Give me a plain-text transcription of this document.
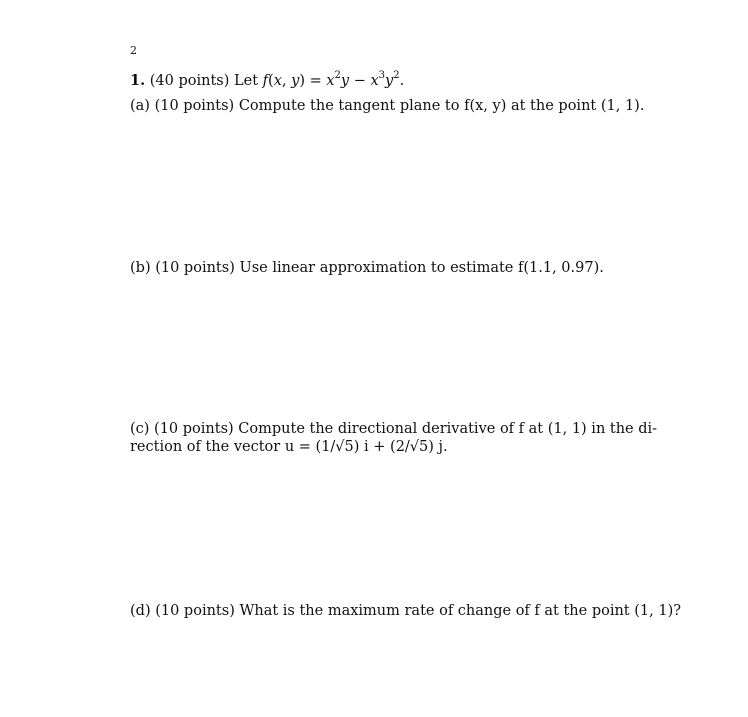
2
1. (40 points) Let f(x, $y) = x^2y - x^3y^2$.
(a) (10 points) Compute the tangent plane to f(x, y) at the point (1, 1).
(b) (10 points) Use linear approximation to estimate f(1.1, 0.97).
(c) (10 points) Compute the directional derivative of f at (1, 1) in the di-
rection of the vector u = (1/√5) i + (2/√5) j.
(d) (10 points) What is the maximum rate of change of f at the point (1, 1)?
